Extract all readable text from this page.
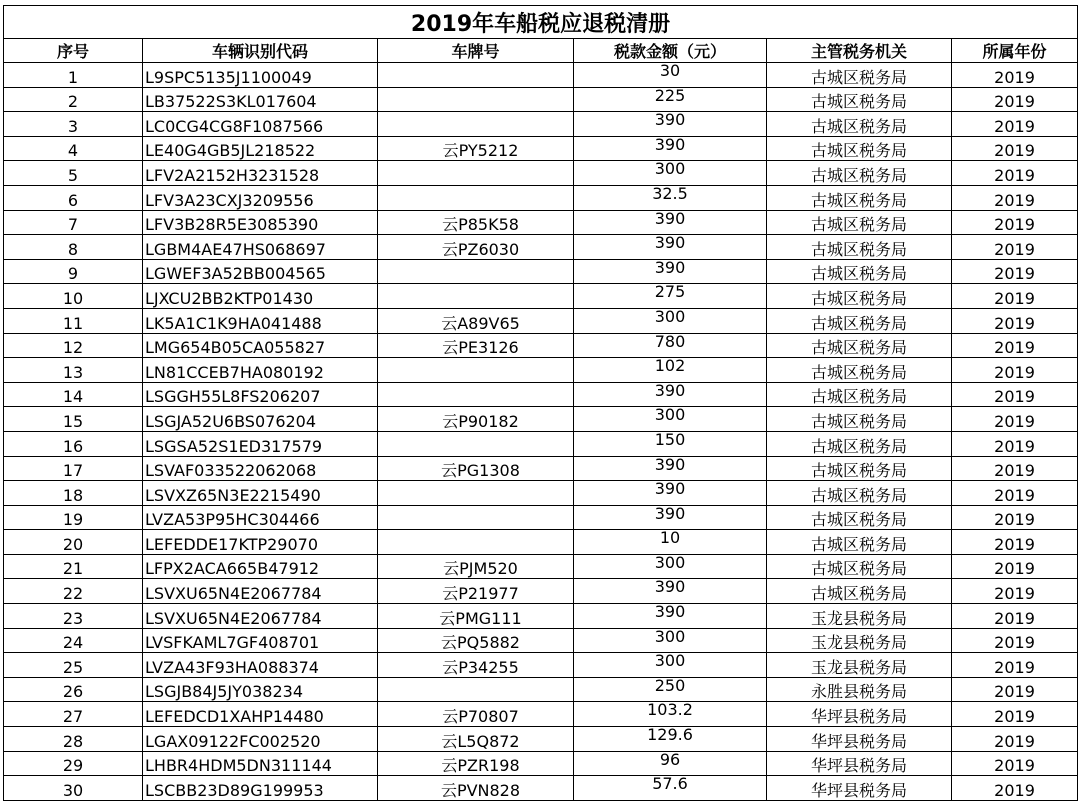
2019年车船税应退税清册					
序号	车辆识别代码	车牌号	税款金额（元）	主管税务机关	所属年份
1	L9SPC5135J1100049		30	古城区税务局	2019
2	LB37522S3KL017604		225	古城区税务局	2019
3	LC0CG4CG8F1087566		390	古城区税务局	2019
4	LE40G4GB5JL218522	云PY5212	390	古城区税务局	2019
5	LFV2A2152H3231528		300	古城区税务局	2019
6	LFV3A23CXJ3209556		32.5	古城区税务局	2019
7	LFV3B28R5E3085390	云P85K58	390	古城区税务局	2019
8	LGBM4AE47HS068697	云PZ6030	390	古城区税务局	2019
9	LGWEF3A52BB004565		390	古城区税务局	2019
10	LJXCU2BB2KTP01430		275	古城区税务局	2019
11	LK5A1C1K9HA041488	云A89V65	300	古城区税务局	2019
12	LMG654B05CA055827	云PE3126	780	古城区税务局	2019
13	LN81CCEB7HA080192		102	古城区税务局	2019
14	LSGGH55L8FS206207		390	古城区税务局	2019
15	LSGJA52U6BS076204	云P90182	300	古城区税务局	2019
16	LSGSA52S1ED317579		150	古城区税务局	2019
17	LSVAF033522062068	云PG1308	390	古城区税务局	2019
18	LSVXZ65N3E2215490		390	古城区税务局	2019
19	LVZA53P95HC304466		390	古城区税务局	2019
20	LEFEDDE17KTP29070		10	古城区税务局	2019
21	LFPX2ACA665B47912	云PJM520	300	古城区税务局	2019
22	LSVXU65N4E2067784	云P21977	390	古城区税务局	2019
23	LSVXU65N4E2067784	云PMG111	390	玉龙县税务局	2019
24	LVSFKAML7GF408701	云PQ5882	300	玉龙县税务局	2019
25	LVZA43F93HA088374	云P34255	300	玉龙县税务局	2019
26	LSGJB84J5JY038234		250	永胜县税务局	2019
27	LEFEDCD1XAHP14480	云P70807	103.2	华坪县税务局	2019
28	LGAX09122FC002520	云L5Q872	129.6	华坪县税务局	2019
29	LHBR4HDM5DN311144	云PZR198	96	华坪县税务局	2019
30	LSCBB23D89G199953	云PVN828	57.6	华坪县税务局	2019
